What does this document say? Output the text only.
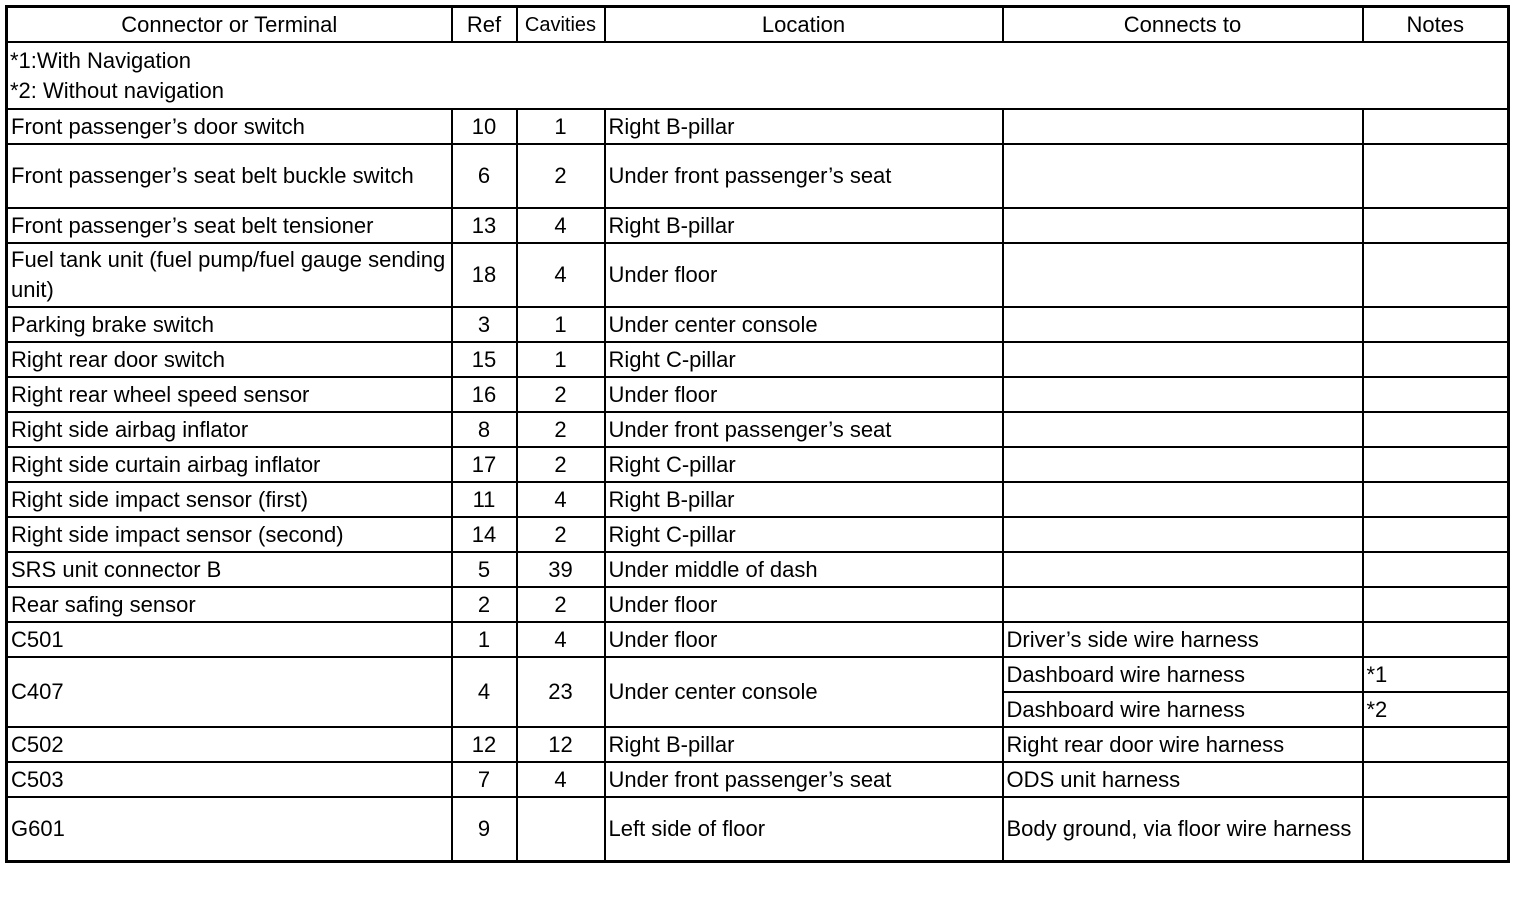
Connector or Terminal	Ref	Cavities	Location	Connects to	Notes

*1:With Navigation
*2: Without navigation					

Front passenger’s door switch	10	1	Right B-pillar		
Front passenger’s seat belt buckle switch	6	2	Under front passenger’s seat		
Front passenger’s seat belt tensioner	13	4	Right B-pillar		
Fuel tank unit (fuel pump/fuel gauge sending unit)	18	4	Under floor		
Parking brake switch	3	1	Under center console		
Right rear door switch	15	1	Right C-pillar		
Right rear wheel speed sensor	16	2	Under floor		
Right side airbag inflator	8	2	Under front passenger’s seat		
Right side curtain airbag inflator	17	2	Right C-pillar		
Right side impact sensor (first)	11	4	Right B-pillar		
Right side impact sensor (second)	14	2	Right C-pillar		
SRS unit connector B	5	39	Under middle of dash		
Rear safing sensor	2	2	Under floor		
C501	1	4	Under floor	Driver’s side wire harness	
C407	4	23	Under center console	Dashboard wire harness	*1
				Dashboard wire harness	*2
C502	12	12	Right B-pillar	Right rear door wire harness	
C503	7	4	Under front passenger’s seat	ODS unit harness	
G601	9		Left side of floor	Body ground, via floor wire harness	
